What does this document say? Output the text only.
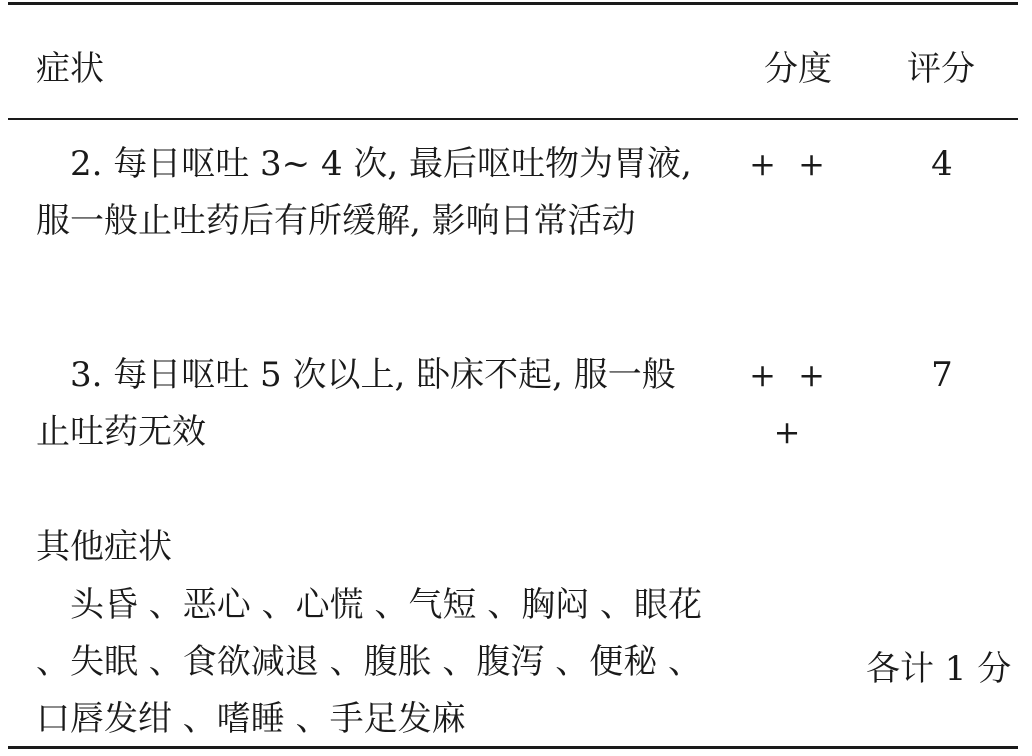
症状	分度 评分
2. 每日呕吐 3~ 4 次, 最后呕吐物为胃液, 服一般止吐药后有所缓解, 影响日常活动
+ +	4
3. 每日呕吐 5 次以上, 卧床不起, 服一般止吐药无效
+ + +
7
其他症状
头昏 、恶心 、心慌 、气短 、胸闷 、眼花 、失眠 、食欲减退 、腹胀 、腹泻 、便秘 、口唇发绀 、嗜睡 、手足发麻
各计 1 分
